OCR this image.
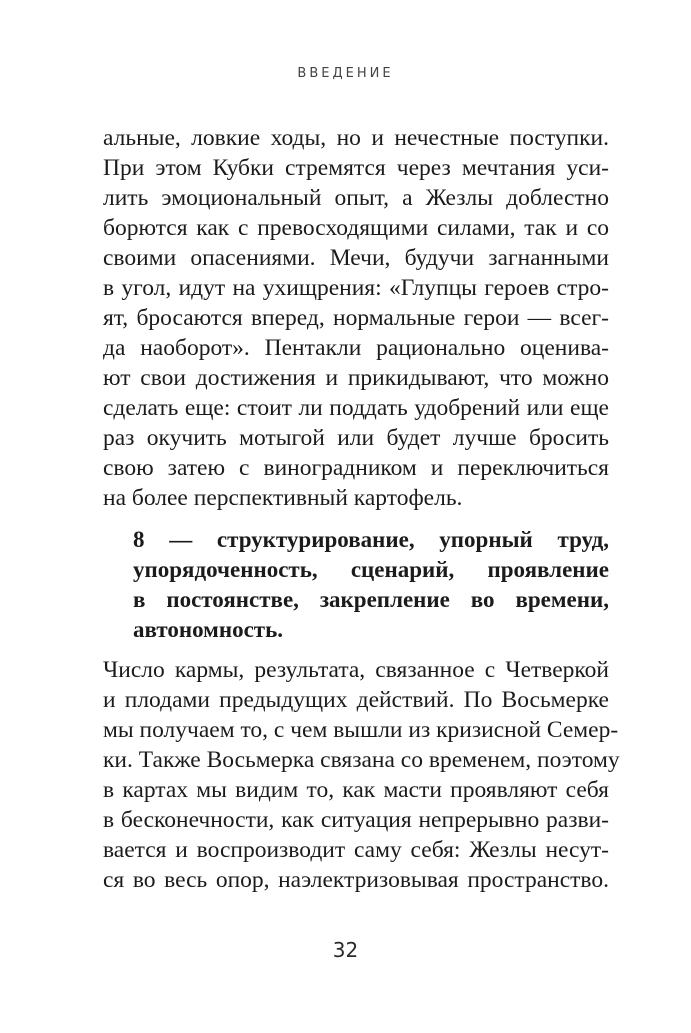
ВВЕДЕНИЕ
альные, ловкие ходы, но и нечестные поступки.
При этом Кубки стремятся через мечтания уси-
лить эмоциональный опыт, а Жезлы доблестно
борются как с превосходящими силами, так и со
своими опасениями. Мечи, будучи загнанными
в угол, идут на ухищрения: «Глупцы героев стро-
ят, бросаются вперед, нормальные герои — всег-
да наоборот». Пентакли рационально оценива-
ют свои достижения и прикидывают, что можно
сделать еще: стоит ли поддать удобрений или еще
раз окучить мотыгой или будет лучше бросить
свою затею с виноградником и переключиться
на более перспективный картофель.
8 — структурирование, упорный труд,
упорядоченность, сценарий, проявление
в постоянстве, закрепление во времени,
автономность.
Число кармы, результата, связанное с Четверкой
и плодами предыдущих действий. По Восьмерке
мы получаем то, с чем вышли из кризисной Семер-
ки. Также Восьмерка связана со временем, поэтому
в картах мы видим то, как масти проявляют себя
в бесконечности, как ситуация непрерывно разви-
вается и воспроизводит саму себя: Жезлы несут-
ся во весь опор, наэлектризовывая пространство.
32
